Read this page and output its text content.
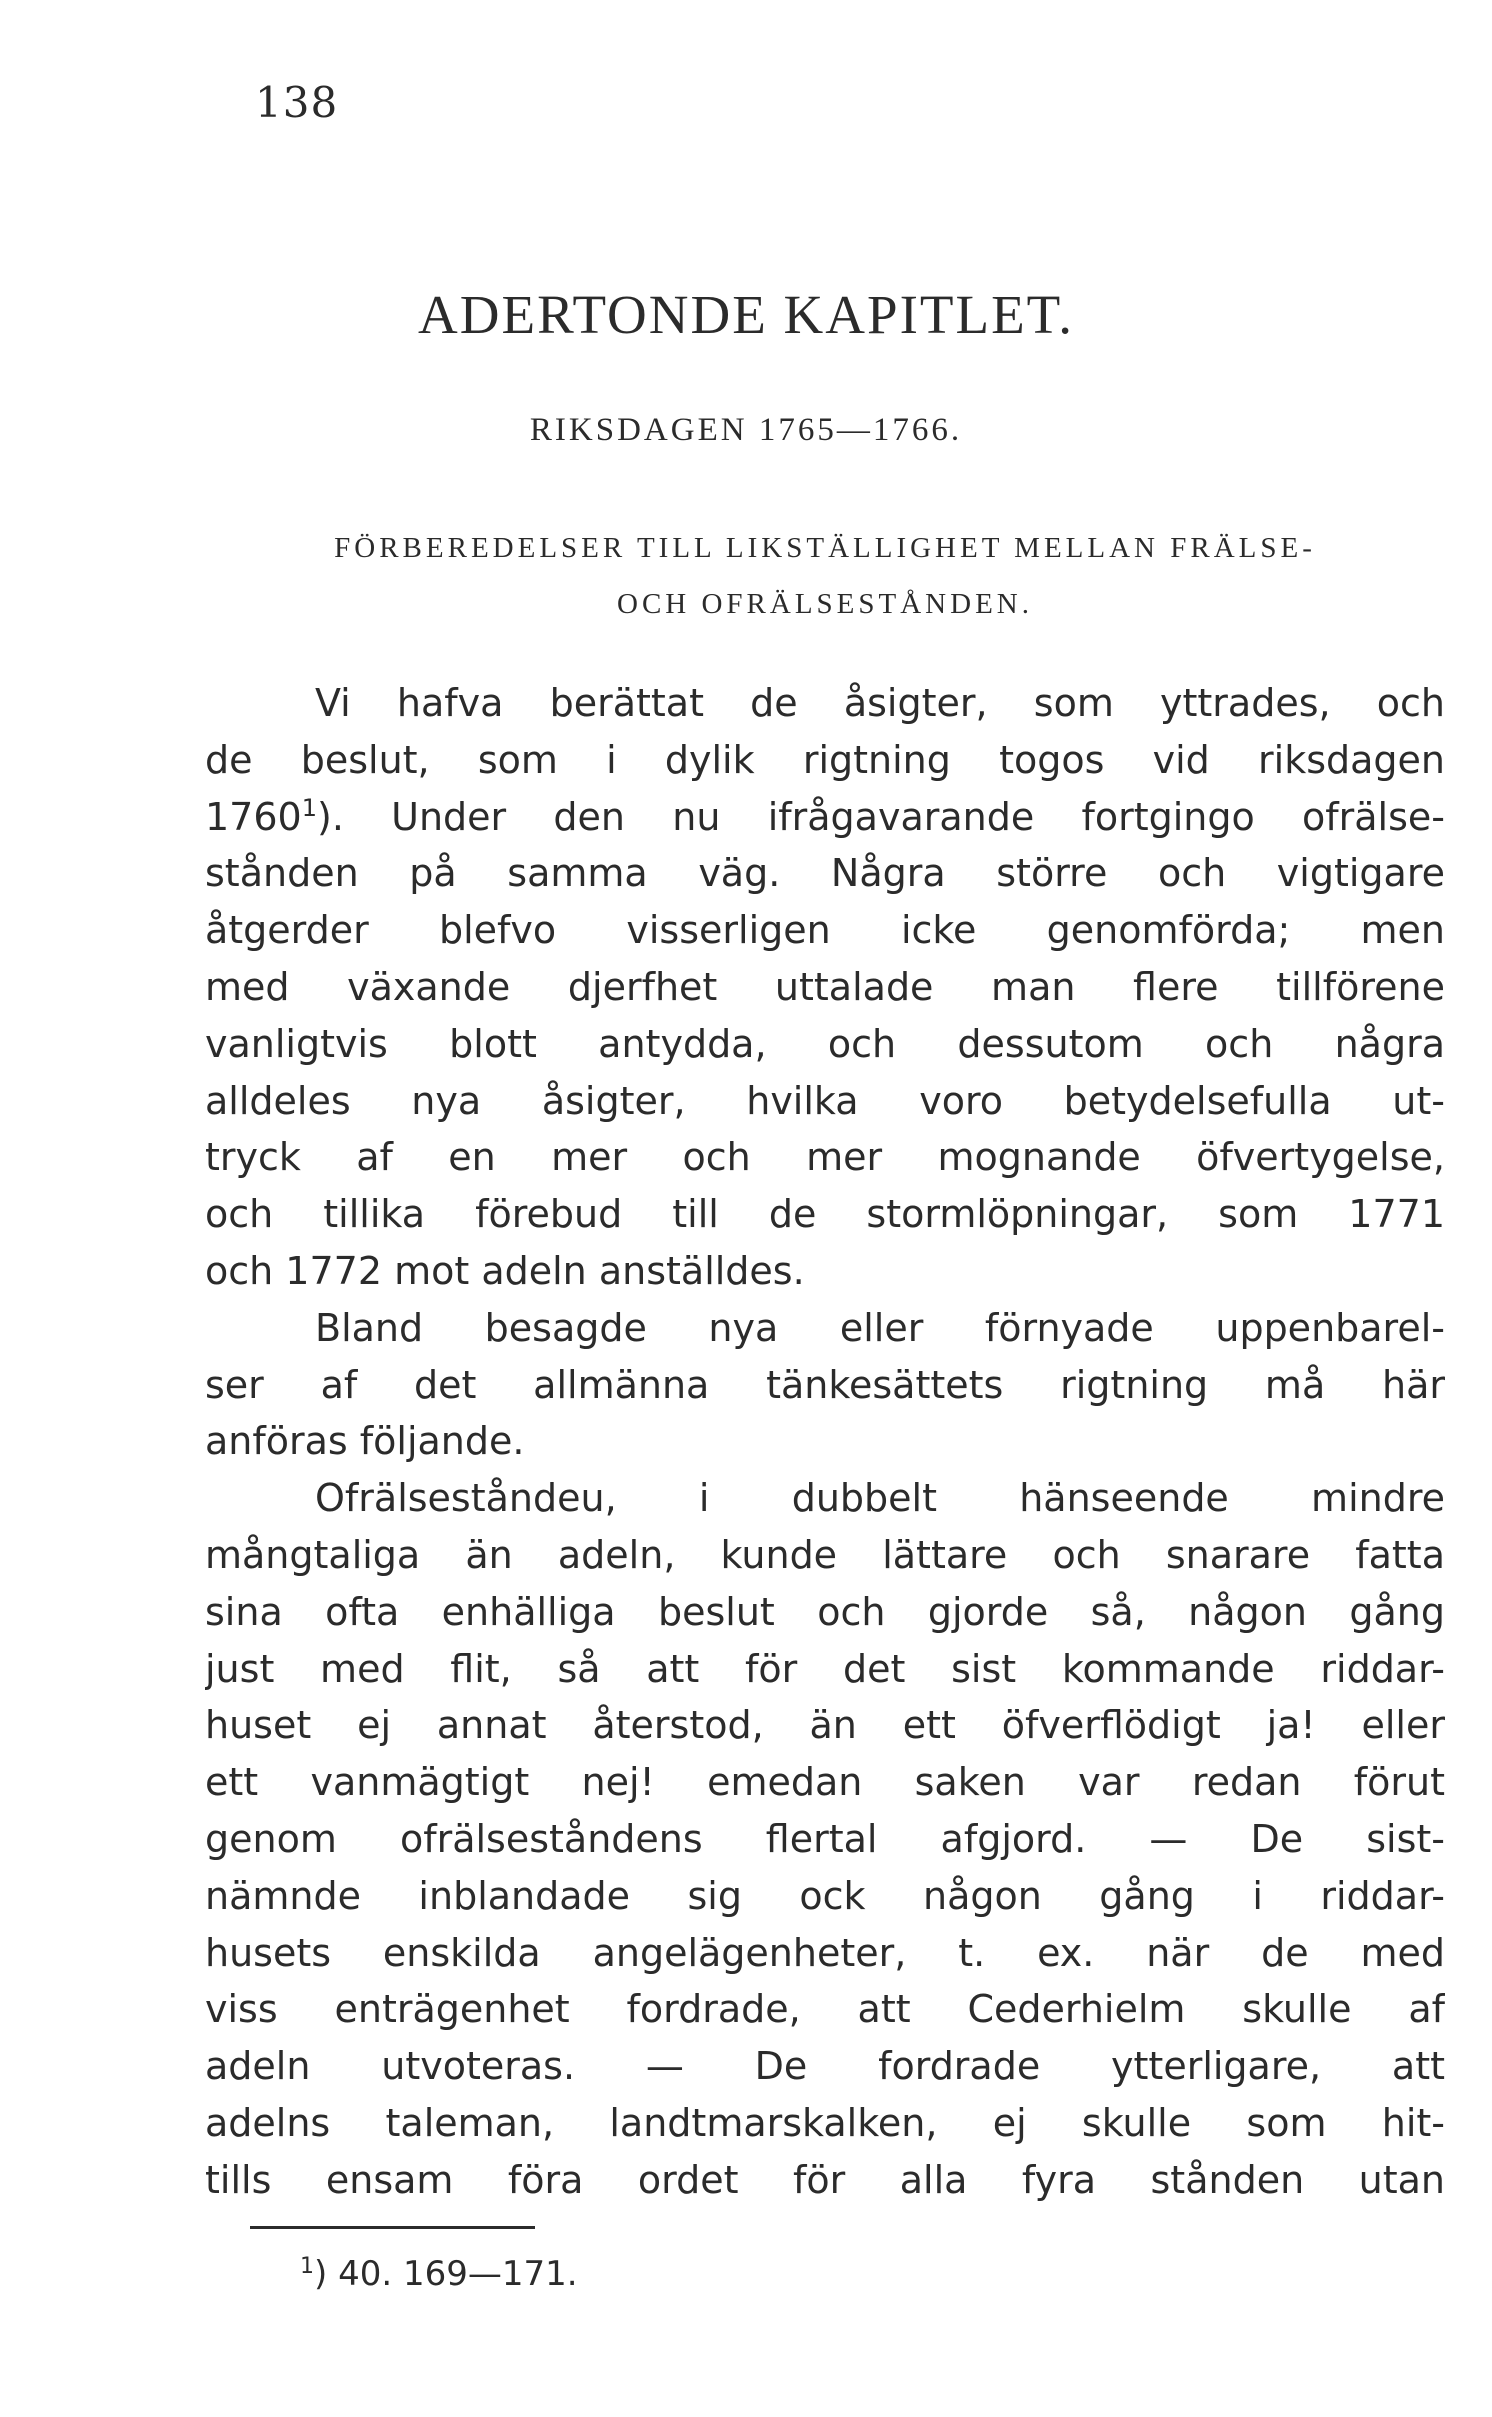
138
ADERTONDE KAPITLET.
RIKSDAGEN 1765—1766.
FÖRBEREDELSER TILL LIKSTÄLLIGHET MELLAN FRÄLSE-
OCH OFRÄLSESTÅNDEN.
Vi hafva berättat de åsigter, som yttrades, och
de beslut, som i dylik rigtning togos vid riksdagen
1760$^1$). Under den nu ifrågavarande fortgingo ofrälse-
stånden på samma väg. Några större och vigtigare
åtgerder blefvo visserligen icke genomförda; men
med växande djerfhet uttalade man flere tillförene
vanligtvis blott antydda, och dessutom och några
alldeles nya åsigter, hvilka voro betydelsefulla ut-
tryck af en mer och mer mognande öfvertygelse,
och tillika förebud till de stormlöpningar, som 1771
och 1772 mot adeln anställdes.
Bland besagde nya eller förnyade uppenbarel-
ser af det allmänna tänkesättets rigtning må här
anföras följande.
Ofrälseståndeu, i dubbelt hänseende mindre
mångtaliga än adeln, kunde lättare och snarare fatta
sina ofta enhälliga beslut och gjorde så, någon gång
just med flit, så att för det sist kommande riddar-
huset ej annat återstod, än ett öfverflödigt ja! eller
ett vanmägtigt nej! emedan saken var redan förut
genom ofrälseståndens flertal afgjord. — De sist-
nämnde inblandade sig ock någon gång i riddar-
husets enskilda angelägenheter, t. ex. när de med
viss enträgenhet fordrade, att Cederhielm skulle af
adeln utvoteras. — De fordrade ytterligare, att
adelns taleman, landtmarskalken, ej skulle som hit-
tills ensam föra ordet för alla fyra stånden utan
$^1$) 40. 169—171.
